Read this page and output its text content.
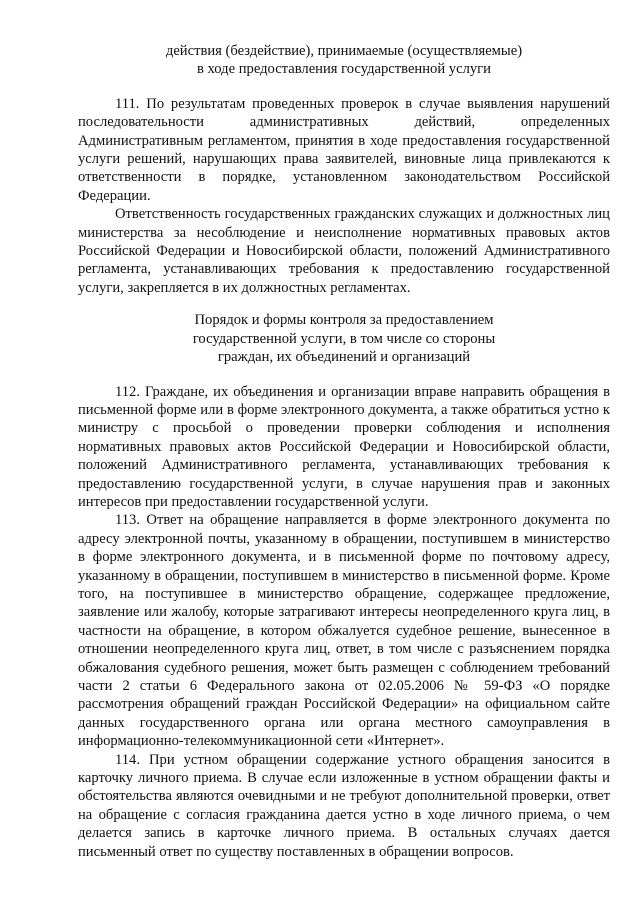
действия (бездействие), принимаемые (осуществляемые)
в ходе предоставления государственной услуги

111. По результатам проведенных проверок в случае выявления нарушений последовательности административных действий, определенных Административным регламентом, принятия в ходе предоставления государственной услуги решений, нарушающих права заявителей, виновные лица привлекаются к ответственности в порядке, установленном законодательством Российской Федерации.

Ответственность государственных гражданских служащих и должностных лиц министерства за несоблюдение и неисполнение нормативных правовых актов Российской Федерации и Новосибирской области, положений Административного регламента, устанавливающих требования к предоставлению государственной услуги, закрепляется в их должностных регламентах.

Порядок и формы контроля за предоставлением
государственной услуги, в том числе со стороны
граждан, их объединений и организаций

112. Граждане, их объединения и организации вправе направить обращения в письменной форме или в форме электронного документа, а также обратиться устно к министру с просьбой о проведении проверки соблюдения и исполнения нормативных правовых актов Российской Федерации и Новосибирской области, положений Административного регламента, устанавливающих требования к предоставлению государственной услуги, в случае нарушения прав и законных интересов при предоставлении государственной услуги.

113. Ответ на обращение направляется в форме электронного документа по адресу электронной почты, указанному в обращении, поступившем в министерство в форме электронного документа, и в письменной форме по почтовому адресу, указанному в обращении, поступившем в министерство в письменной форме. Кроме того, на поступившее в министерство обращение, содержащее предложение, заявление или жалобу, которые затрагивают интересы неопределенного круга лиц, в частности на обращение, в котором обжалуется судебное решение, вынесенное в отношении неопределенного круга лиц, ответ, в том числе с разъяснением порядка обжалования судебного решения, может быть размещен с соблюдением требований части 2 статьи 6 Федерального закона от 02.05.2006 № 59-ФЗ «О порядке рассмотрения обращений граждан Российской Федерации» на официальном сайте данных государственного органа или органа местного самоуправления в информационно-телекоммуникационной сети «Интернет».

114. При устном обращении содержание устного обращения заносится в карточку личного приема. В случае если изложенные в устном обращении факты и обстоятельства являются очевидными и не требуют дополнительной проверки, ответ на обращение с согласия гражданина дается устно в ходе личного приема, о чем делается запись в карточке личного приема. В остальных случаях дается письменный ответ по существу поставленных в обращении вопросов.
